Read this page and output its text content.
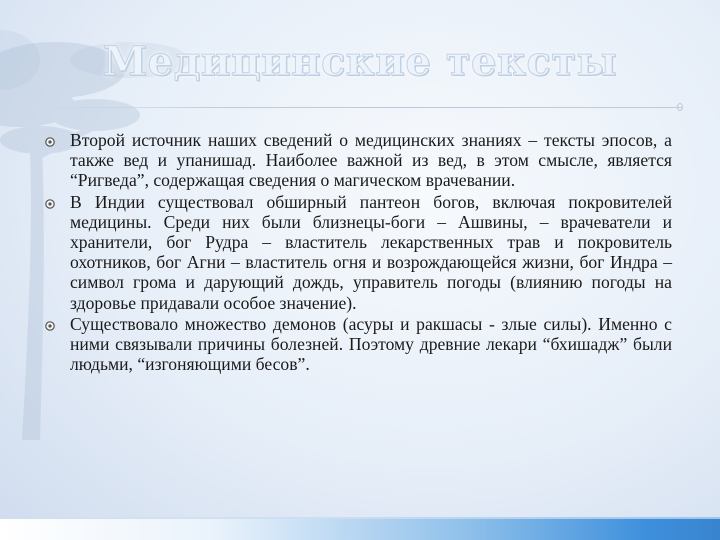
Медицинские тексты
Второй источник наших сведений о медицинских знаниях – тексты эпосов, а также вед и упанишад. Наиболее важной из вед, в этом смысле, является “Ригведа”, содержащая сведения о магическом врачевании.
В Индии существовал обширный пантеон богов, включая покровителей медицины. Среди них были близнецы-боги – Ашвины, – врачеватели и хранители, бог Рудра – властитель лекарственных трав и покровитель охотников, бог Агни – властитель огня и возрождающейся жизни, бог Индра – символ грома и дарующий дождь, управитель погоды (влиянию погоды на здоровье придавали особое значение).
Существовало множество демонов (асуры и ракшасы - злые силы). Именно с ними связывали причины болезней. Поэтому древние лекари “бхишадж” были людьми, “изгоняющими бесов”.
